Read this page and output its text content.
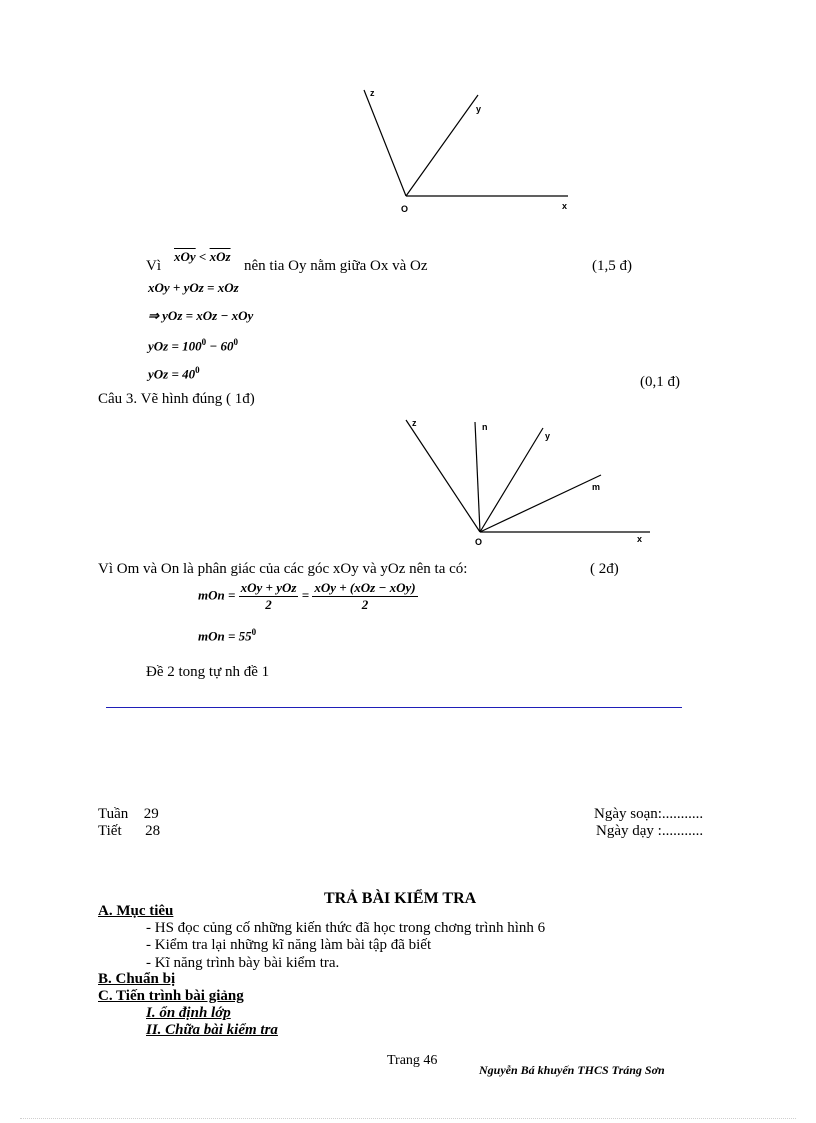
z
y
O	x
Vì
$\overline{xOy} < \overline{xOz}$
nên tia Oy nằm giữa Ox và Oz	(1,5 đ)
xOy + yOz = xOz
⇒ yOz = xOz − xOy
yOz = $100^0 - 60^0$
yOz = $40^0$
(0,1 đ)
Câu 3. Vẽ hình đúng ( 1đ)
z	n
y
m
O	x
Vì Om và On là phân giác của các góc xOy và yOz nên ta có:	( 2đ)
mOn = $\frac{\text{xOy + yOz}}{2} = \frac{\text{xOy + (xOz − xOy)}}{2}$
mOn = $55^0$
Đề 2 tong tự nh đề 1
Tuần 29
Tiết 28
Ngày soạn:...........
Ngày dạy :...........
TRẢ BÀI KIỂM TRA
A. Mục tiêu
- HS đọc củng cố những kiến thức đã học trong chơng trình hình 6
- Kiểm tra lại những kĩ năng làm bài tập đã biết
- Kĩ năng trình bày bài kiểm tra.
B. Chuẩn bị
C. Tiến trình bài giảng
I. ổn định lớp
II. Chữa bài kiểm tra
Trang 46
Nguyễn Bá khuyến THCS Tráng Sơn
